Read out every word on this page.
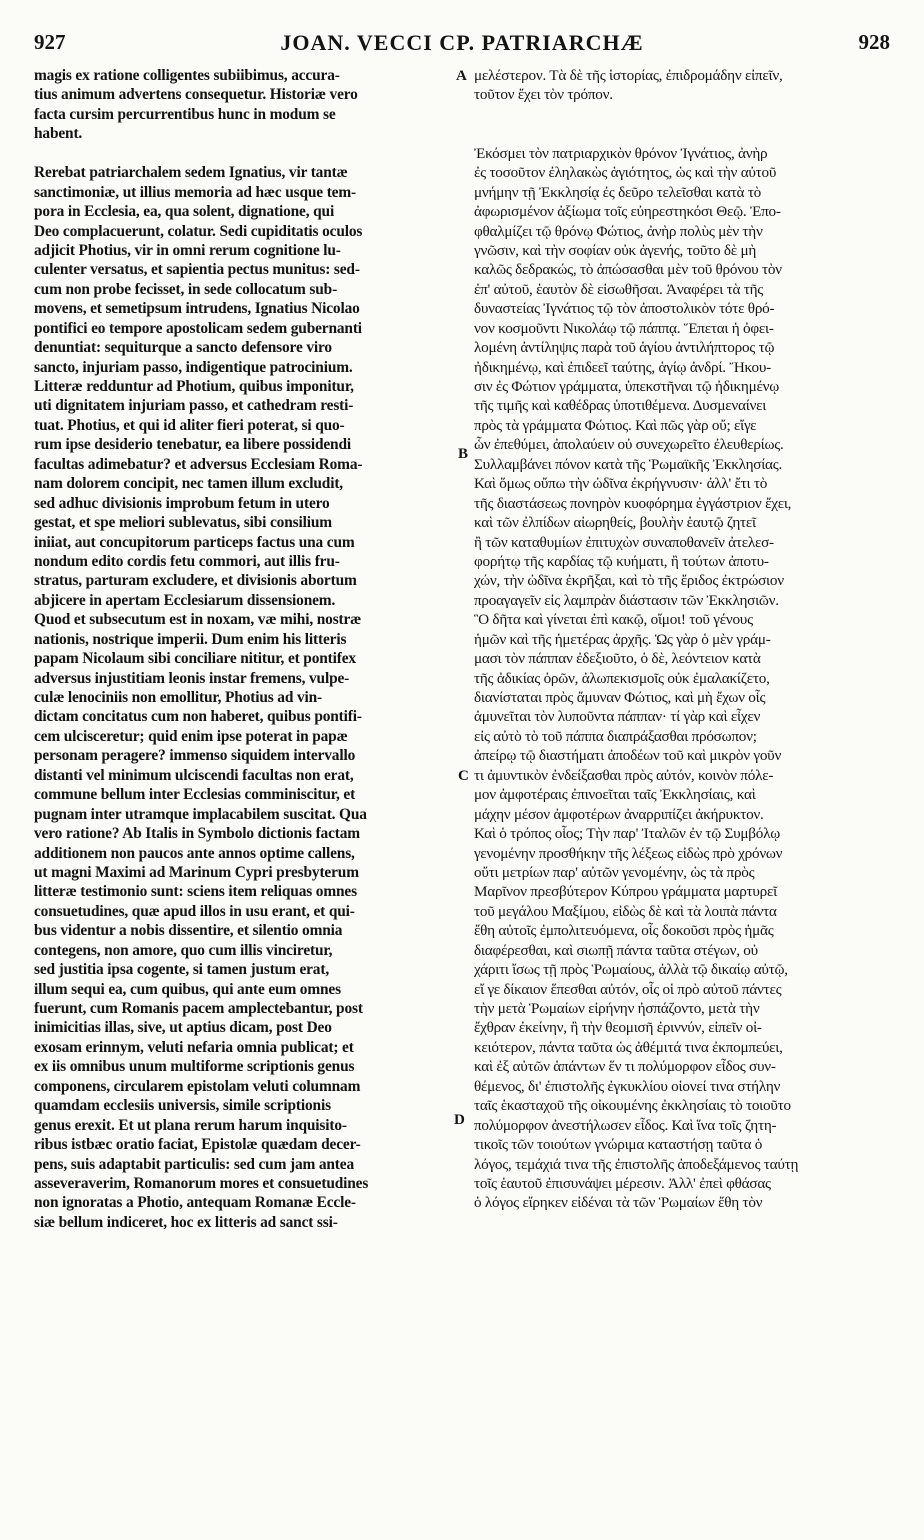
927	JOAN. VECCI CP. PATRIARCHÆ	928
magis ex ratione colligentes subiibimus, accura-
tius animum advertens consequetur. Historiæ vero
facta cursim percurrentibus hunc in modum se
habent.
Rerebat patriarchalem sedem Ignatius, vir tantæ
sanctimoniæ, ut illius memoria ad hæc usque tem-
pora in Ecclesia, ea, qua solent, dignatione, qui
Deo complacuerunt, colatur. Sedi cupiditatis oculos
adjicit Photius, vir in omni rerum cognitione lu-
culenter versatus, et sapientia pectus munitus: sed-
cum non probe fecisset, in sede collocatum sub-
movens, et semetipsum intrudens, Ignatius Nicolao
pontifici eo tempore apostolicam sedem gubernanti
denuntiat: sequiturque a sancto defensore viro
sancto, injuriam passo, indigentique patrocinium.
Litteræ redduntur ad Photium, quibus imponitur,
uti dignitatem injuriam passo, et cathedram resti-
tuat. Photius, et qui id aliter fieri poterat, si quo-
rum ipse desiderio tenebatur, ea libere possidendi
facultas adimebatur? et adversus Ecclesiam Roma-
nam dolorem concipit, nec tamen illum excludit,
sed adhuc divisionis improbum fetum in utero
gestat, et spe meliori sublevatus, sibi consilium
iniiat, aut concupitorum particeps factus una cum
nondum edito cordis fetu commori, aut illis fru-
stratus, parturam excludere, et divisionis abortum
abjicere in apertam Ecclesiarum dissensionem.
Quod et subsecutum est in noxam, væ mihi, nostræ
nationis, nostrique imperii. Dum enim his litteris
papam Nicolaum sibi conciliare nititur, et pontifex
adversus injustitiam leonis instar fremens, vulpe-
culæ lenociniis non emollitur, Photius ad vin-
dictam concitatus cum non haberet, quibus pontifi-
cem ulcisceretur; quid enim ipse poterat in papæ
personam peragere? immenso siquidem intervallo
distanti vel minimum ulciscendi facultas non erat,
commune bellum inter Ecclesias comminiscitur, et
pugnam inter utramque implacabilem suscitat. Qua
vero ratione? Ab Italis in Symbolo dictionis factam
additionem non paucos ante annos optime callens,
ut magni Maximi ad Marinum Cypri presbyterum
litteræ testimonio sunt: sciens item reliquas omnes
consuetudines, quæ apud illos in usu erant, et qui-
bus videntur a nobis dissentire, et silentio omnia
contegens, non amore, quo cum illis vinciretur,
sed justitia ipsa cogente, si tamen justum erat,
illum sequi ea, cum quibus, qui ante eum omnes
fuerunt, cum Romanis pacem amplectebantur, post
inimicitias illas, sive, ut aptius dicam, post Deo
exosam erinnym, veluti nefaria omnia publicat; et
ex iis omnibus unum multiforme scriptionis genus
componens, circularem epistolam veluti columnam
quamdam ecclesiis universis, simile scriptionis
genus erexit. Et ut plana rerum harum inquisito-
ribus istbæc oratio faciat, Epistolæ quædam decer-
pens, suis adaptabit particulis: sed cum jam antea
asseveraverim, Romanorum mores et consuetudines
non ignoratas a Photio, antequam Romanæ Eccle-
siæ bellum indiceret, hoc ex litteris ad sanct ssi-
μελέστερον. Τὰ δὲ τῆς ἱστορίας, ἐπιδρομάδην εἰπεῖν,
τοῦτον ἔχει τὸν τρόπον.
Ἐκόσμει τὸν πατριαρχικὸν θρόνον Ἰγνάτιος, ἀνὴρ
ἐς τοσοῦτον ἐληλακὼς ἁγιότητος, ὡς καὶ τὴν αὐτοῦ
μνήμην τῇ Ἐκκλησίᾳ ἐς δεῦρο τελεῖσθαι κατὰ τὸ
ἀφωρισμένον ἀξίωμα τοῖς εὐηρεστηκόσι Θεῷ. Ἐπο-
φθαλμίζει τῷ θρόνῳ Φώτιος, ἀνὴρ πολὺς μὲν τὴν
γνῶσιν, καὶ τὴν σοφίαν οὐκ ἀγενής, τοῦτο δὲ μὴ
καλῶς δεδρακώς, τὸ ἀπώσασθαι μὲν τοῦ θρόνου τὸν
ἐπ' αὐτοῦ, ἑαυτὸν δὲ εἰσωθῆσαι. Ἀναφέρει τὰ τῆς
δυναστείας Ἰγνάτιος τῷ τὸν ἀποστολικὸν τότε θρό-
νον κοσμοῦντι Νικολάῳ τῷ πάππᾳ. Ἕπεται ἡ ὀφει-
λομένη ἀντίληψις παρὰ τοῦ ἁγίου ἀντιλήπτορος τῷ
ἠδικημένῳ, καὶ ἐπιδεεῖ ταύτης, ἁγίῳ ἀνδρί. Ἤκου-
σιν ἐς Φώτιον γράμματα, ὑπεκστῆναι τῷ ἠδικημένῳ
τῆς τιμῆς καὶ καθέδρας ὑποτιθέμενα. Δυσμεναίνει
πρὸς τὰ γράμματα Φώτιος. Καὶ πῶς γὰρ οὔ; εἴγε
ὧν ἐπεθύμει, ἀπολαύειν οὐ συνεχωρεῖτο ἐλευθερίως.
Συλλαμβάνει πόνον κατὰ τῆς Ῥωμαϊκῆς Ἐκκλησίας.
Καὶ ὅμως οὔπω τὴν ὠδῖνα ἐκρήγνυσιν· ἀλλ' ἔτι τὸ
τῆς διαστάσεως πονηρὸν κυοφόρημα ἐγγάστριον ἔχει,
καὶ τῶν ἐλπίδων αἰωρηθείς, βουλὴν ἑαυτῷ ζητεῖ
ἢ τῶν καταθυμίων ἐπιτυχὼν συναποθανεῖν ἀτελεσ-
φορήτῳ τῆς καρδίας τῷ κυήματι, ἢ τούτων ἀποτυ-
χών, τὴν ὠδῖνα ἐκρῆξαι, καὶ τὸ τῆς ἔριδος ἐκτρώσιον
προαγαγεῖν εἰς λαμπρὰν διάστασιν τῶν Ἐκκλησιῶν.
Ὃ δῆτα καὶ γίνεται ἐπὶ κακῷ, οἴμοι! τοῦ γένους
ἡμῶν καὶ τῆς ἡμετέρας ἀρχῆς. Ὡς γὰρ ὁ μὲν γράμ-
μασι τὸν πάππαν ἐδεξιοῦτο, ὁ δὲ, λεόντειον κατὰ
τῆς ἀδικίας ὁρῶν, ἀλωπεκισμοῖς οὐκ ἐμαλακίζετο,
διανίσταται πρὸς ἄμυναν Φώτιος, καὶ μὴ ἔχων οἷς
ἀμυνεῖται τὸν λυποῦντα πάππαν· τί γὰρ καὶ εἶχεν
εἰς αὐτὸ τὸ τοῦ πάππα διαπράξασθαι πρόσωπον;
ἀπείρῳ τῷ διαστήματι ἀποδέων τοῦ καὶ μικρὸν γοῦν
τι ἀμυντικὸν ἐνδείξασθαι πρὸς αὐτόν, κοινὸν πόλε-
μον ἀμφοτέραις ἐπινοεῖται ταῖς Ἐκκλησίαις, καὶ
μάχην μέσον ἀμφοτέρων ἀναρριπίζει ἀκήρυκτον.
Καὶ ὁ τρόπος οἷος; Τὴν παρ' Ἰταλῶν ἐν τῷ Συμβόλῳ
γενομένην προσθήκην τῆς λέξεως εἰδὼς πρὸ χρόνων
οὔτι μετρίων παρ' αὐτῶν γενομένην, ὡς τὰ πρὸς
Μαρῖνον πρεσβύτερον Κύπρου γράμματα μαρτυρεῖ
τοῦ μεγάλου Μαξίμου, εἰδὼς δὲ καὶ τὰ λοιπὰ πάντα
ἔθη αὐτοῖς ἐμπολιτευόμενα, οἷς δοκοῦσι πρὸς ἡμᾶς
διαφέρεσθαι, καὶ σιωπῇ πάντα ταῦτα στέγων, οὐ
χάριτι ἴσως τῇ πρὸς Ῥωμαίους, ἀλλὰ τῷ δικαίῳ αὐτῷ,
εἴ γε δίκαιον ἕπεσθαι αὐτόν, οἷς οἱ πρὸ αὐτοῦ πάντες
τὴν μετὰ Ῥωμαίων εἰρήνην ἠσπάζοντο, μετὰ τὴν
ἔχθραν ἐκείνην, ἢ τὴν θεομισῆ ἐριννύν, εἰπεῖν οἰ-
κειότερον, πάντα ταῦτα ὡς ἀθέμιτά τινα ἐκπομπεύει,
καὶ ἐξ αὐτῶν ἁπάντων ἕν τι πολύμορφον εἶδος συν-
θέμενος, δι' ἐπιστολῆς ἐγκυκλίου οἱονεί τινα στήλην
ταῖς ἑκασταχοῦ τῆς οἰκουμένης ἐκκλησίαις τὸ τοιοῦτο
πολύμορφον ἀνεστήλωσεν εἶδος. Καὶ ἵνα τοῖς ζητη-
τικοῖς τῶν τοιούτων γνώριμα καταστήσῃ ταῦτα ὁ
λόγος, τεμάχιά τινα τῆς ἐπιστολῆς ἀποδεξάμενος ταύτῃ
τοῖς ἑαυτοῦ ἐπισυνάψει μέρεσιν. Ἀλλ' ἐπεὶ φθάσας
ὁ λόγος εἴρηκεν εἰδέναι τὰ τῶν Ῥωμαίων ἔθη τὸν
A
B
C
D
